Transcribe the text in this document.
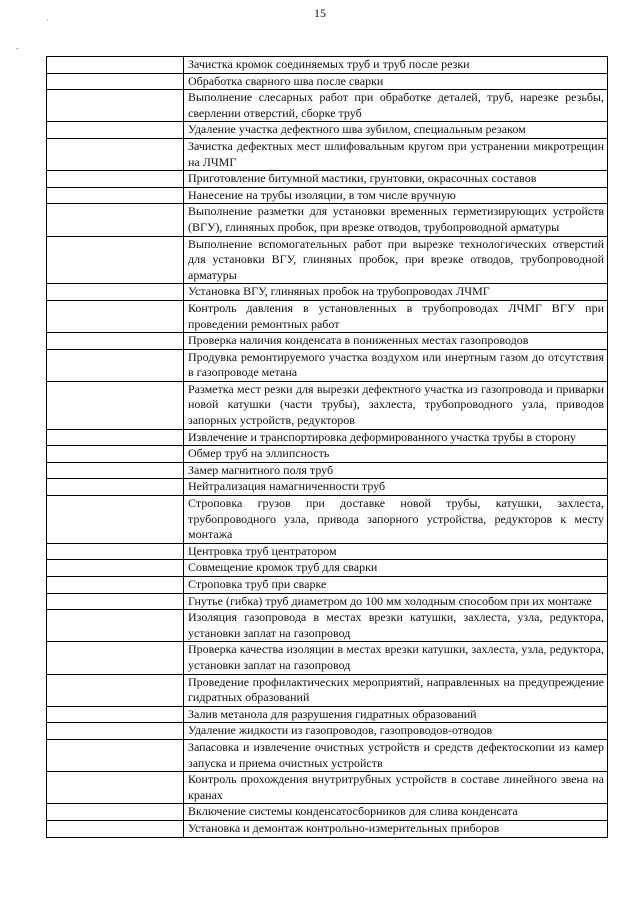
·
-
15
	Зачистка кромок соединяемых труб и труб после резки
	Обработка сварного шва после сварки
	Выполнение слесарных работ при обработке деталей, труб, нарезке резьбы, сверлении отверстий, сборке труб
	Удаление участка дефектного шва зубилом, специальным резаком
	Зачистка дефектных мест шлифовальным кругом при устранении микротрещин на ЛЧМГ
	Приготовление битумной мастики, грунтовки, окрасочных составов
	Нанесение на трубы изоляции, в том числе вручную
	Выполнение разметки для установки временных герметизирующих устройств (ВГУ), глиняных пробок, при врезке отводов, трубопроводной арматуры
	Выполнение вспомогательных работ при вырезке технологических отверстий для установки ВГУ, глиняных пробок, при врезке отводов, трубопроводной арматуры
	Установка ВГУ, глиняных пробок на трубопроводах ЛЧМГ
	Контроль давления в установленных в трубопроводах ЛЧМГ ВГУ при проведении ремонтных работ
	Проверка наличия конденсата в пониженных местах газопроводов
	Продувка ремонтируемого участка воздухом или инертным газом до отсутствия в газопроводе метана
	Разметка мест резки для вырезки дефектного участка из газопровода и приварки новой катушки (части трубы), захлеста, трубопроводного узла, приводов запорных устройств, редукторов
	Извлечение и транспортировка деформированного участка трубы в сторону
	Обмер труб на эллипсность
	Замер магнитного поля труб
	Нейтрализация намагниченности труб
	Строповка грузов при доставке новой трубы, катушки, захлеста, трубопроводного узла, привода запорного устройства, редукторов к месту монтажа
	Центровка труб центратором
	Совмещение кромок труб для сварки
	Строповка труб при сварке
	Гнутье (гибка) труб диаметром до 100 мм холодным способом при их монтаже
	Изоляция газопровода в местах врезки катушки, захлеста, узла, редуктора, установки заплат на газопровод
	Проверка качества изоляции в местах врезки катушки, захлеста, узла, редуктора, установки заплат на газопровод
	Проведение профилактических мероприятий, направленных на предупреждение гидратных образований
	Залив метанола для разрушения гидратных образований
	Удаление жидкости из газопроводов, газопроводов-отводов
	Запасовка и извлечение очистных устройств и средств дефектоскопии из камер запуска и приема очистных устройств
	Контроль прохождения внутритрубных устройств в составе линейного звена на кранах
	Включение системы конденсатосборников для слива конденсата
	Установка и демонтаж контрольно-измерительных приборов
